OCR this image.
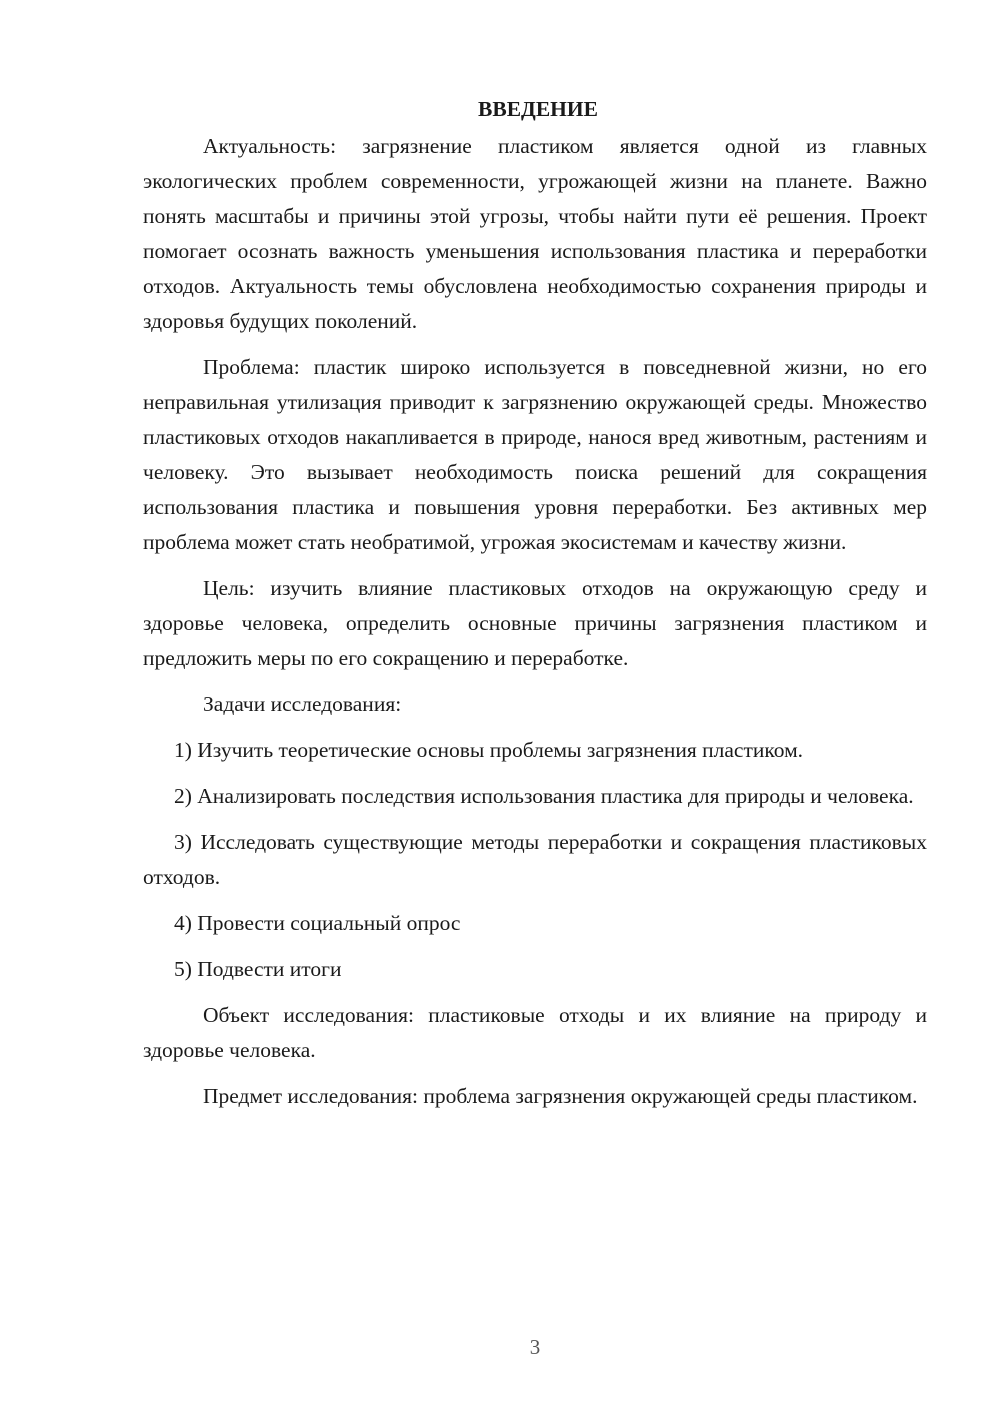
ВВЕДЕНИЕ

Актуальность: загрязнение пластиком является одной из главных экологических проблем современности, угрожающей жизни на планете. Важно понять масштабы и причины этой угрозы, чтобы найти пути её решения. Проект помогает осознать важность уменьшения использования пластика и переработки отходов. Актуальность темы обусловлена необходимостью сохранения природы и здоровья будущих поколений.

Проблема: пластик широко используется в повседневной жизни, но его неправильная утилизация приводит к загрязнению окружающей среды. Множество пластиковых отходов накапливается в природе, нанося вред животным, растениям и человеку. Это вызывает необходимость поиска решений для сокращения использования пластика и повышения уровня переработки. Без активных мер проблема может стать необратимой, угрожая экосистемам и качеству жизни.

Цель: изучить влияние пластиковых отходов на окружающую среду и здоровье человека, определить основные причины загрязнения пластиком и предложить меры по его сокращению и переработке.

Задачи исследования:

1) Изучить теоретические основы проблемы загрязнения пластиком.

2) Анализировать последствия использования пластика для природы и человека.

3) Исследовать существующие методы переработки и сокращения пластиковых отходов.

4) Провести социальный опрос

5) Подвести итоги

Объект исследования: пластиковые отходы и их влияние на природу и здоровье человека.

Предмет исследования: проблема загрязнения окружающей среды пластиком.

3
